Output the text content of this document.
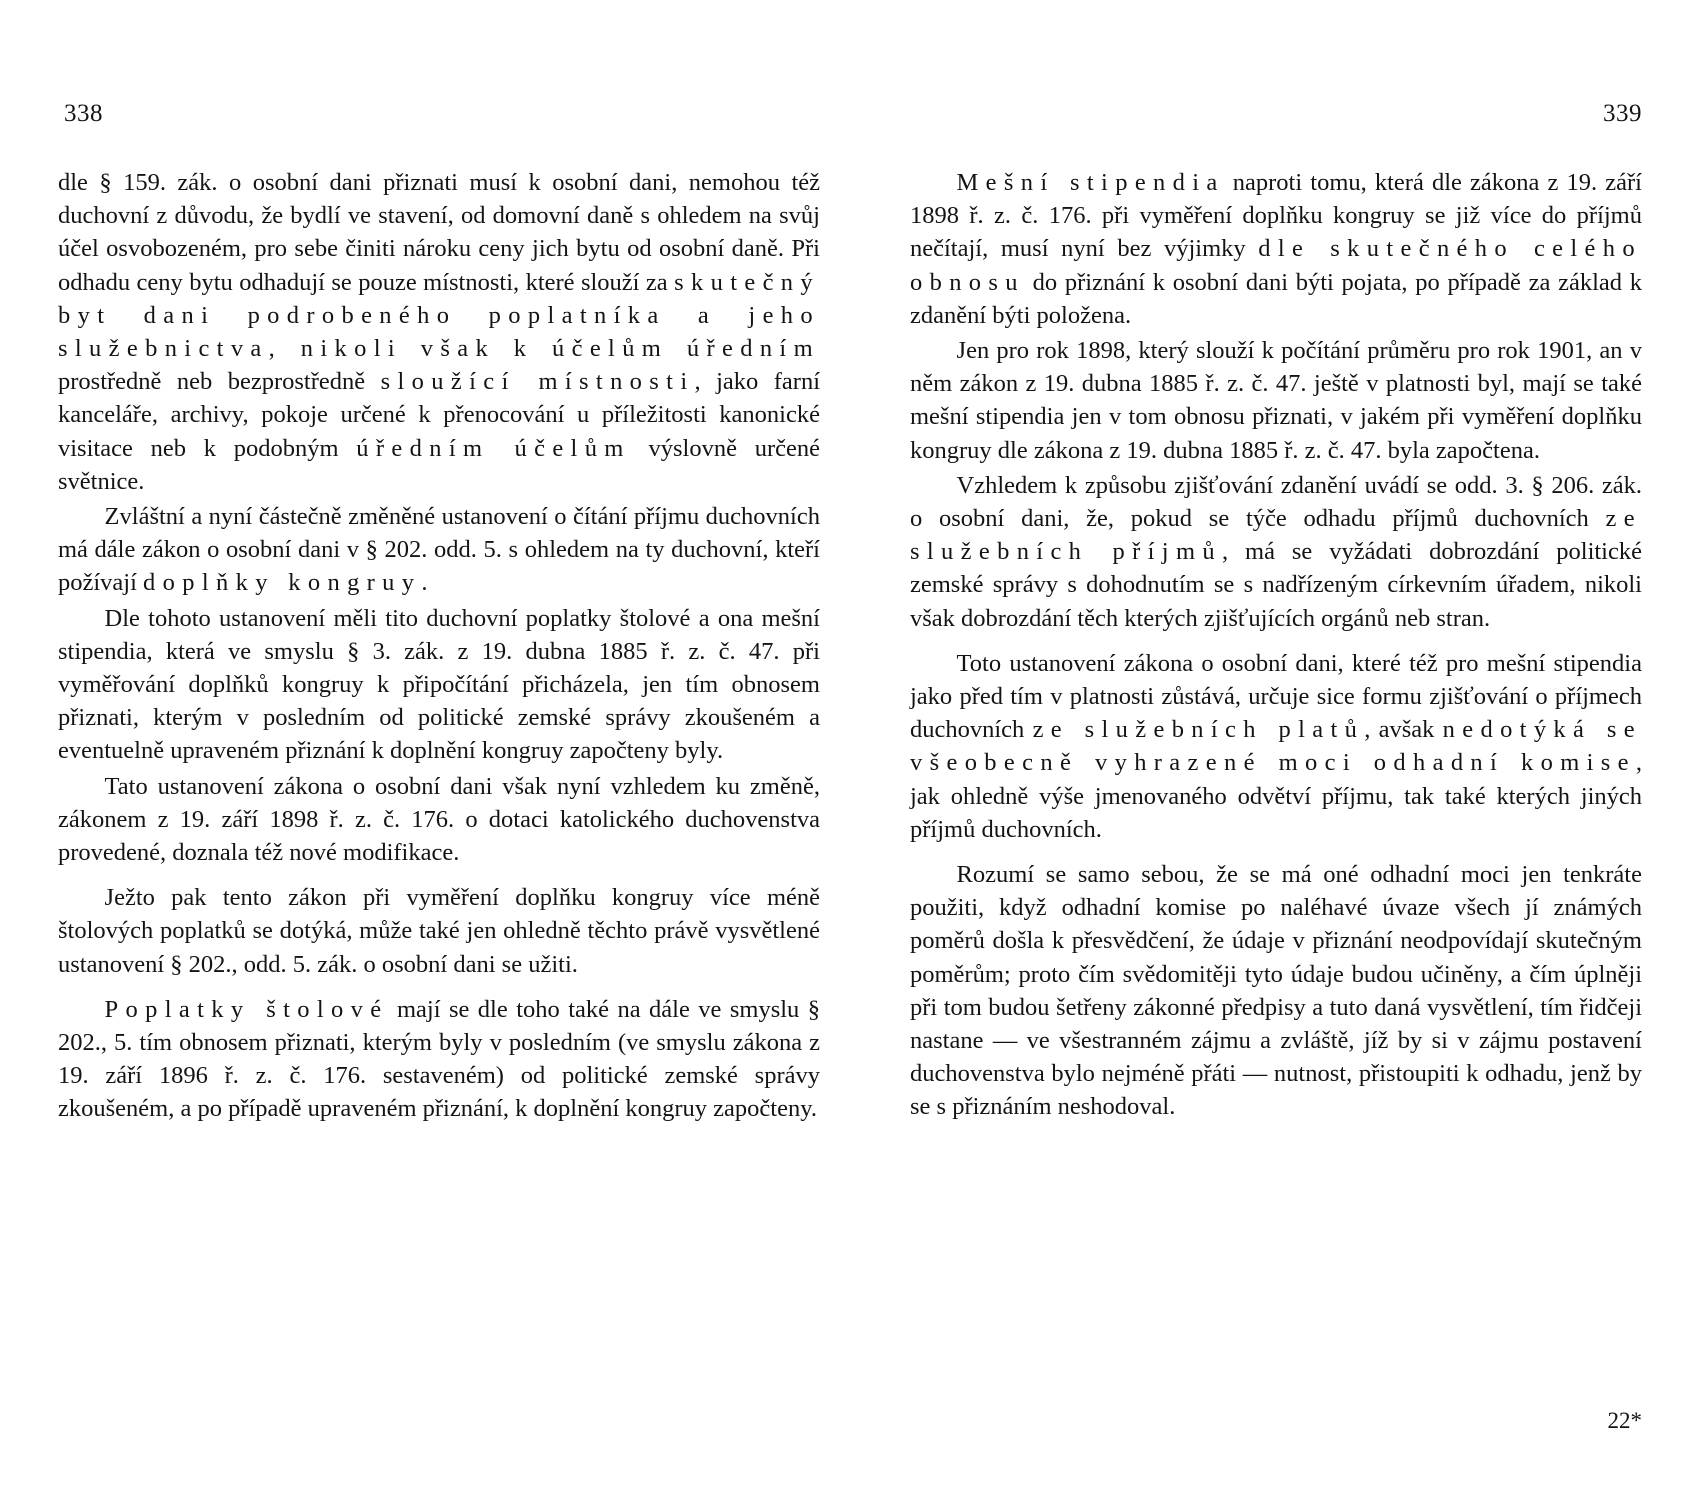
338

dle § 159. zák. o osobní dani přiznati musí k osobní dani, nemohou též duchovní z důvodu, že bydlí ve stavení, od domovní daně s ohledem na svůj účel osvobozeném, pro sebe činiti nároku ceny jich bytu od osobní daně. Při odhadu ceny bytu odhadují se pouze místnosti, které slouží za skutečný byt dani podrobeného poplatníka a jeho služebnictva, nikoli však k účelům úředním prostředně neb bezprostředně sloužící místnosti, jako farní kanceláře, archivy, pokoje určené k přenocování u příležitosti kanonické visitace neb k podobným úředním účelům výslovně určené světnice.

Zvláštní a nyní částečně změněné ustanovení o čítání příjmu duchovních má dále zákon o osobní dani v § 202. odd. 5. s ohledem na ty duchovní, kteří požívají doplňky kongruy.

Dle tohoto ustanovení měli tito duchovní poplatky štolové a ona mešní stipendia, která ve smyslu § 3. zák. z 19. dubna 1885 ř. z. č. 47. při vyměřování doplňků kongruy k připočítání přicházela, jen tím obnosem přiznati, kterým v posledním od politické zemské správy zkoušeném a eventuelně upraveném přiznání k doplnění kongruy započteny byly.

Tato ustanovení zákona o osobní dani však nyní vzhledem ku změně, zákonem z 19. září 1898 ř. z. č. 176. o dotaci katolického duchovenstva provedené, doznala též nové modifikace.

Ježto pak tento zákon při vyměření doplňku kongruy více méně štolových poplatků se dotýká, může také jen ohledně těchto právě vysvětlené ustanovení § 202., odd. 5. zák. o osobní dani se užiti.

Poplatky štolové mají se dle toho také na dále ve smyslu § 202., 5. tím obnosem přiznati, kterým byly v posledním (ve smyslu zákona z 19. září 1896 ř. z. č. 176. sestaveném) od politické zemské správy zkoušeném, a po případě upraveném přiznání, k doplnění kongruy započteny.

339

Mešní stipendia naproti tomu, která dle zákona z 19. září 1898 ř. z. č. 176. při vyměření doplňku kongruy se již více do příjmů nečítají, musí nyní bez výjimky dle skutečného celého obnosu do přiznání k osobní dani býti pojata, po případě za základ k zdanění býti položena.

Jen pro rok 1898, který slouží k počítání průměru pro rok 1901, an v něm zákon z 19. dubna 1885 ř. z. č. 47. ještě v platnosti byl, mají se také mešní stipendia jen v tom obnosu přiznati, v jakém při vyměření doplňku kongruy dle zákona z 19. dubna 1885 ř. z. č. 47. byla započtena.

Vzhledem k způsobu zjišťování zdanění uvádí se odd. 3. § 206. zák. o osobní dani, že, pokud se týče odhadu příjmů duchovních ze služebních příjmů, má se vyžádati dobrozdání politické zemské správy s dohodnutím se s nadřízeným církevním úřadem, nikoli však dobrozdání těch kterých zjišťujících orgánů neb stran.

Toto ustanovení zákona o osobní dani, které též pro mešní stipendia jako před tím v platnosti zůstává, určuje sice formu zjišťování o příjmech duchovních ze služebních platů, avšak nedotýká se všeobecně vyhrazené moci odhadní komise, jak ohledně výše jmenovaného odvětví příjmu, tak také kterých jiných příjmů duchovních.

Rozumí se samo sebou, že se má oné odhadní moci jen tenkráte použiti, když odhadní komise po naléhavé úvaze všech jí známých poměrů došla k přesvědčení, že údaje v přiznání neodpovídají skutečným poměrům; proto čím svědomitěji tyto údaje budou učiněny, a čím úplněji při tom budou šetřeny zákonné předpisy a tuto daná vysvětlení, tím řidčeji nastane — ve všestranném zájmu a zvláště, jíž by si v zájmu postavení duchovenstva bylo nejméně přáti — nutnost, přistoupiti k odhadu, jenž by se s přiznáním neshodoval.

22*
